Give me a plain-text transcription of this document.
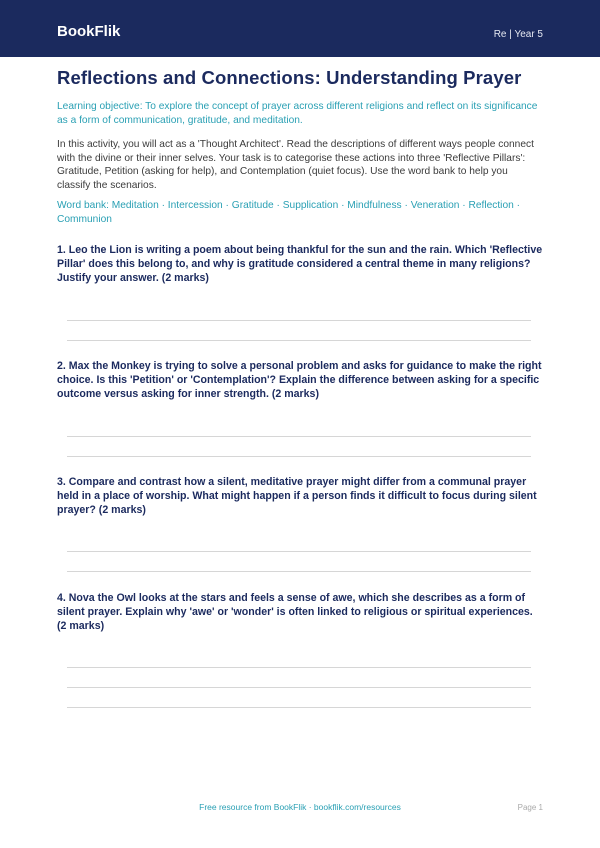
BookFlik	Re | Year 5
Reflections and Connections: Understanding Prayer
Learning objective: To explore the concept of prayer across different religions and reflect on its significance as a form of communication, gratitude, and meditation.
In this activity, you will act as a 'Thought Architect'. Read the descriptions of different ways people connect with the divine or their inner selves. Your task is to categorise these actions into three 'Reflective Pillars': Gratitude, Petition (asking for help), and Contemplation (quiet focus). Use the word bank to help you classify the scenarios.
Word bank: Meditation · Intercession · Gratitude · Supplication · Mindfulness · Veneration · Reflection · Communion
1. Leo the Lion is writing a poem about being thankful for the sun and the rain. Which 'Reflective Pillar' does this belong to, and why is gratitude considered a central theme in many religions? Justify your answer. (2 marks)
2. Max the Monkey is trying to solve a personal problem and asks for guidance to make the right choice. Is this 'Petition' or 'Contemplation'? Explain the difference between asking for a specific outcome versus asking for inner strength. (2 marks)
3. Compare and contrast how a silent, meditative prayer might differ from a communal prayer held in a place of worship. What might happen if a person finds it difficult to focus during silent prayer? (2 marks)
4. Nova the Owl looks at the stars and feels a sense of awe, which she describes as a form of silent prayer. Explain why 'awe' or 'wonder' is often linked to religious or spiritual experiences. (2 marks)
Free resource from BookFlik · bookflik.com/resources	Page 1
